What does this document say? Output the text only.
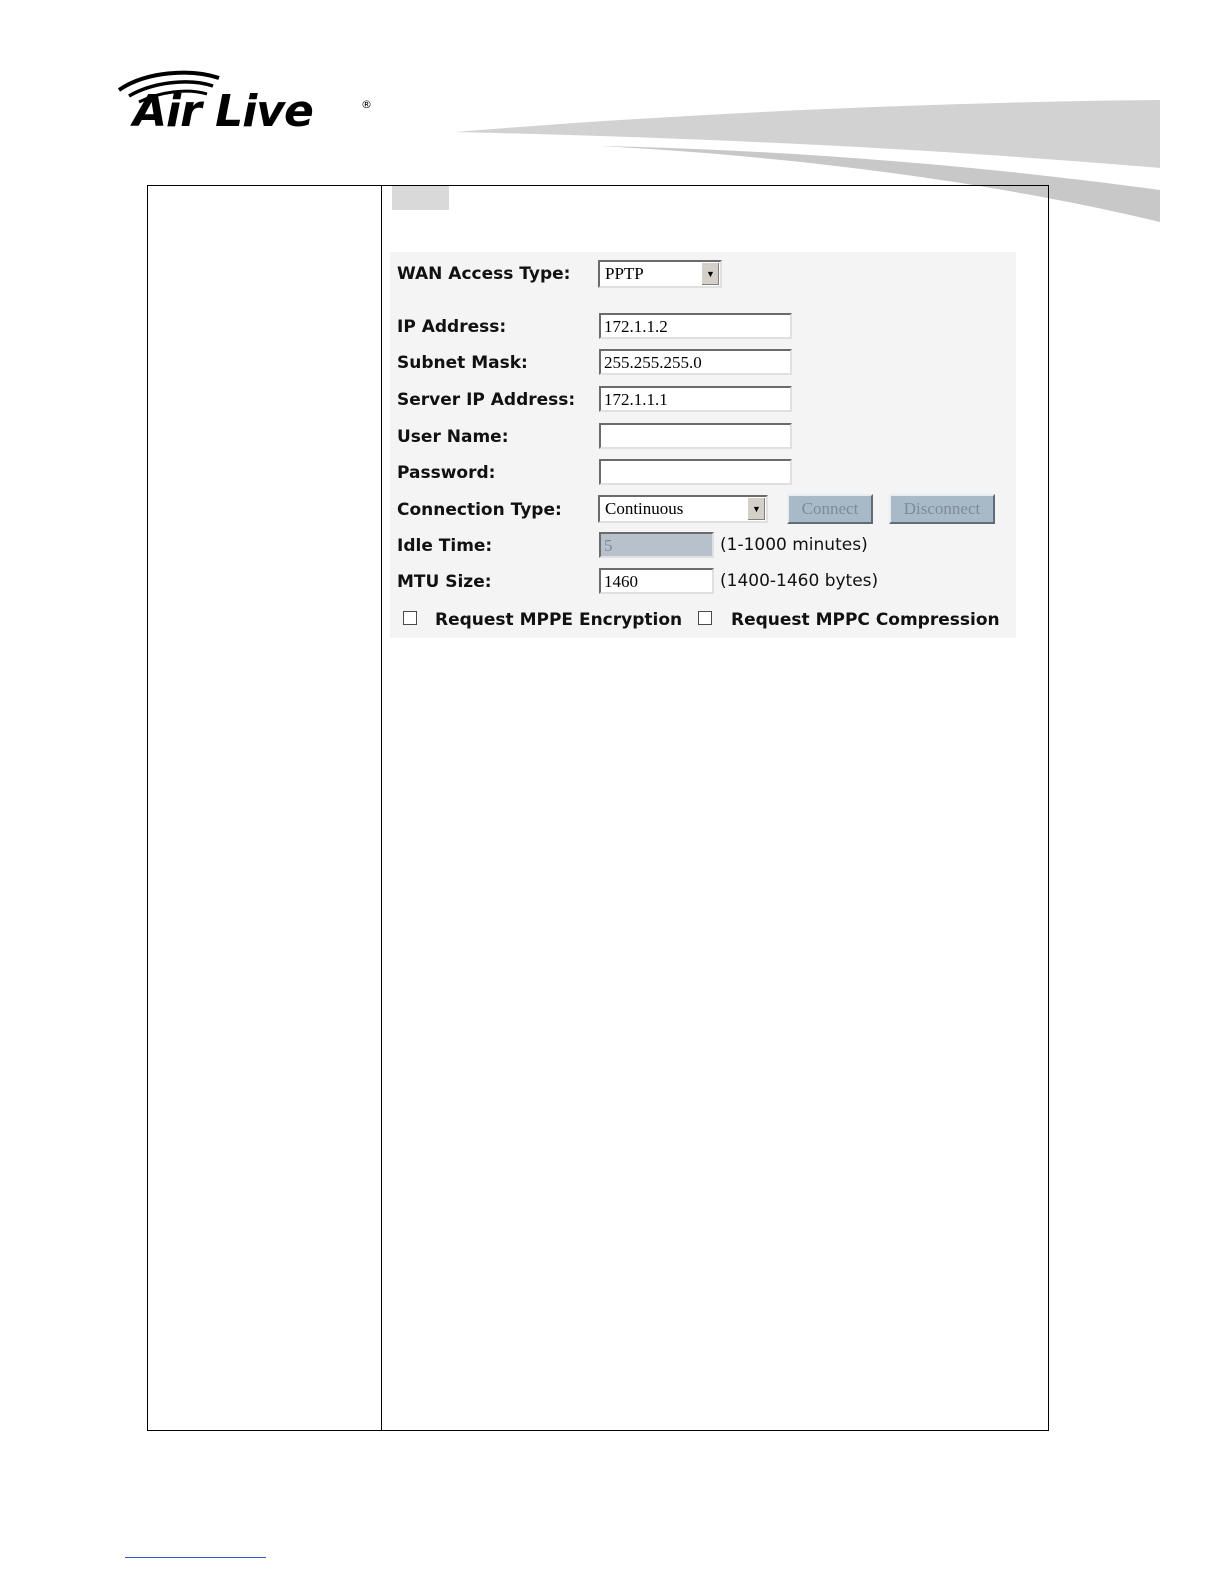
Air Live	®
WAN Access Type:	PPTP	▼
IP Address:	172.1.1.2
Subnet Mask:	255.255.255.0
Server IP Address: 172.1.1.1
User Name:
Password:
Connection Type:	Continuous	▼	Connect	Disconnect
Idle Time:	5	(1-1000 minutes)
MTU Size:	1460	(1400-1460 bytes)
Request MPPE Encryption	Request MPPC Compression
